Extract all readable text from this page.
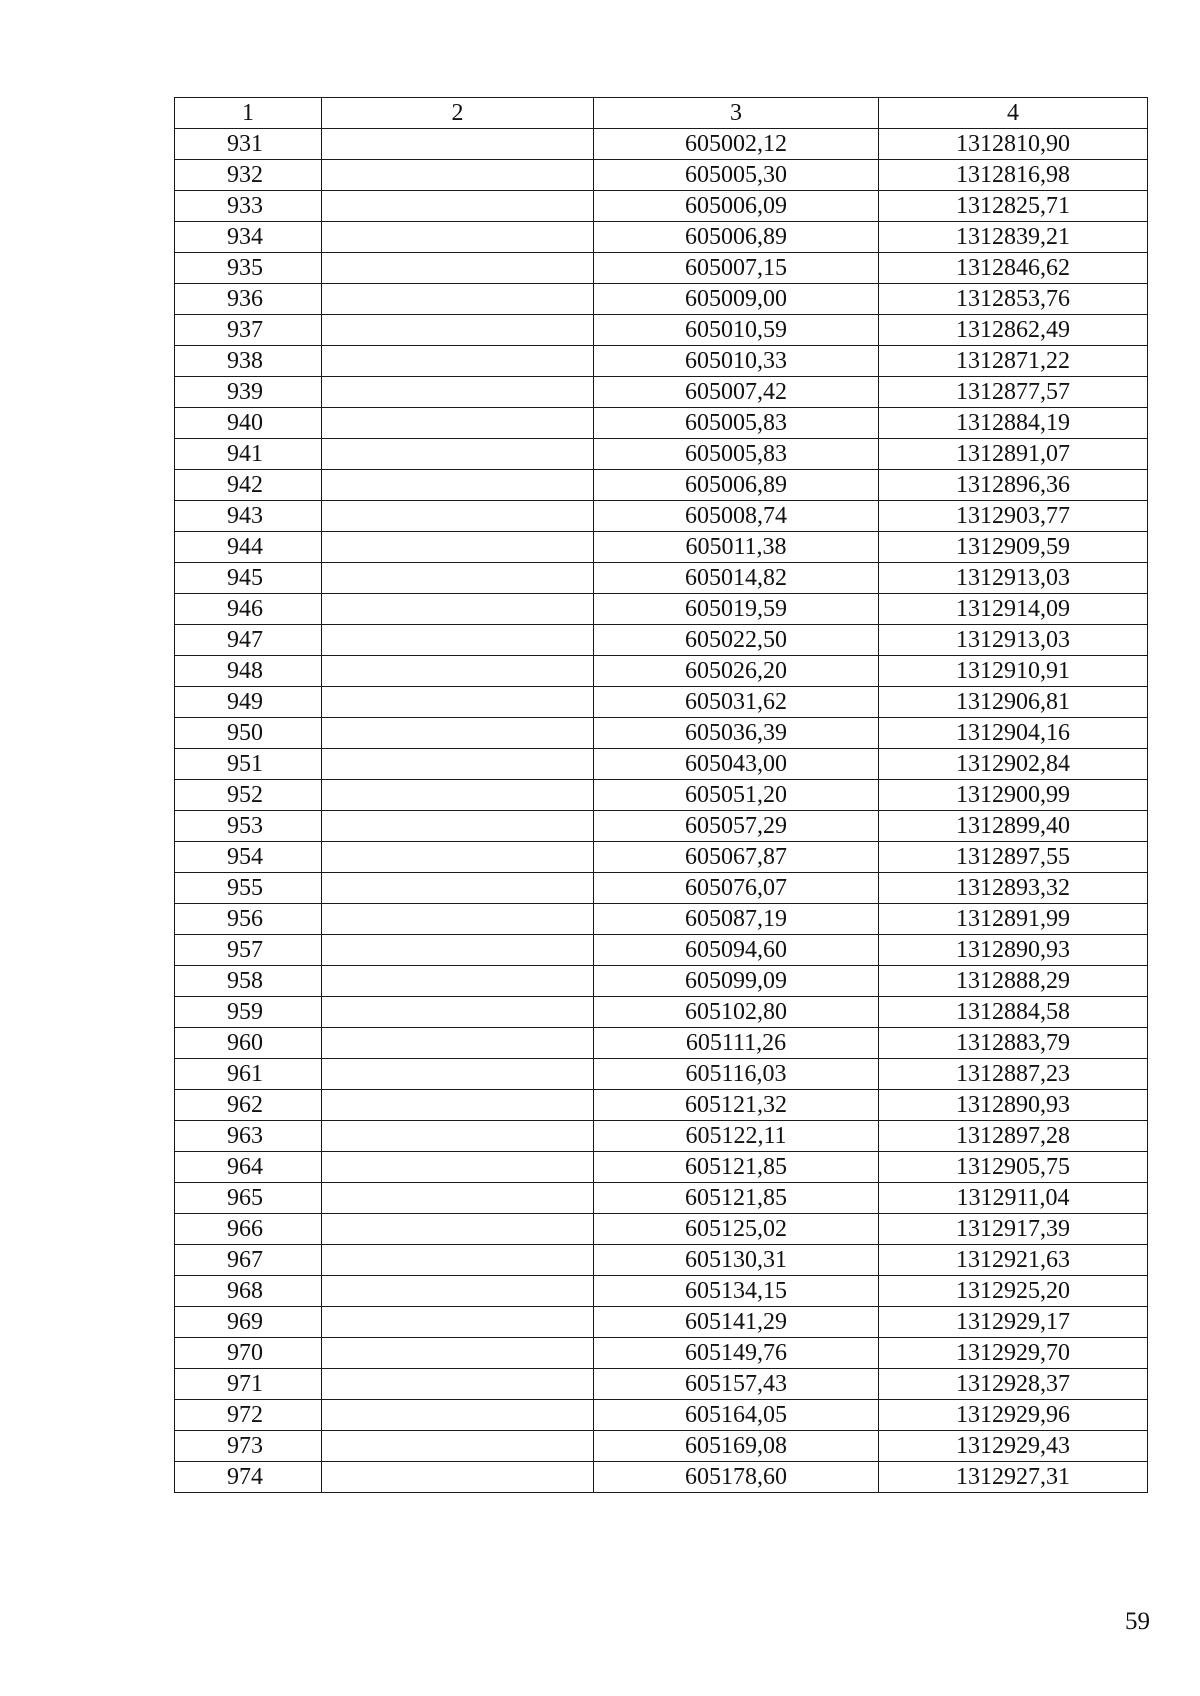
1	2	3	4
931		605002,12	1312810,90
932		605005,30	1312816,98
933		605006,09	1312825,71
934		605006,89	1312839,21
935		605007,15	1312846,62
936		605009,00	1312853,76
937		605010,59	1312862,49
938		605010,33	1312871,22
939		605007,42	1312877,57
940		605005,83	1312884,19
941		605005,83	1312891,07
942		605006,89	1312896,36
943		605008,74	1312903,77
944		605011,38	1312909,59
945		605014,82	1312913,03
946		605019,59	1312914,09
947		605022,50	1312913,03
948		605026,20	1312910,91
949		605031,62	1312906,81
950		605036,39	1312904,16
951		605043,00	1312902,84
952		605051,20	1312900,99
953		605057,29	1312899,40
954		605067,87	1312897,55
955		605076,07	1312893,32
956		605087,19	1312891,99
957		605094,60	1312890,93
958		605099,09	1312888,29
959		605102,80	1312884,58
960		605111,26	1312883,79
961		605116,03	1312887,23
962		605121,32	1312890,93
963		605122,11	1312897,28
964		605121,85	1312905,75
965		605121,85	1312911,04
966		605125,02	1312917,39
967		605130,31	1312921,63
968		605134,15	1312925,20
969		605141,29	1312929,17
970		605149,76	1312929,70
971		605157,43	1312928,37
972		605164,05	1312929,96
973		605169,08	1312929,43
974		605178,60	1312927,31
59
